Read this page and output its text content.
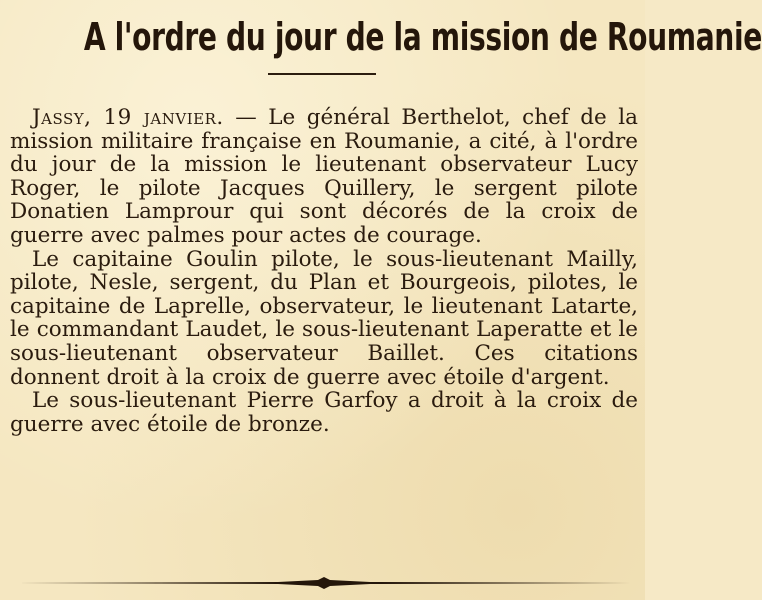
A l'ordre du jour de la mission de Roumanie

Jassy, 19 janvier. — Le général Berthelot, chef de la mission militaire française en Roumanie, a cité, à l'ordre du jour de la mission le lieutenant observateur Lucy Roger, le pilote Jacques Quillery, le sergent pilote Donatien Lamprour qui sont décorés de la croix de guerre avec palmes pour actes de courage.

Le capitaine Goulin pilote, le sous-lieutenant Mailly, pilote, Nesle, sergent, du Plan et Bourgeois, pilotes, le capitaine de Laprelle, observateur, le lieutenant Latarte, le commandant Laudet, le sous-lieutenant Laperatte et le sous-lieutenant observateur Baillet. Ces citations donnent droit à la croix de guerre avec étoile d'argent.

Le sous-lieutenant Pierre Garfoy a droit à la croix de guerre avec étoile de bronze.
